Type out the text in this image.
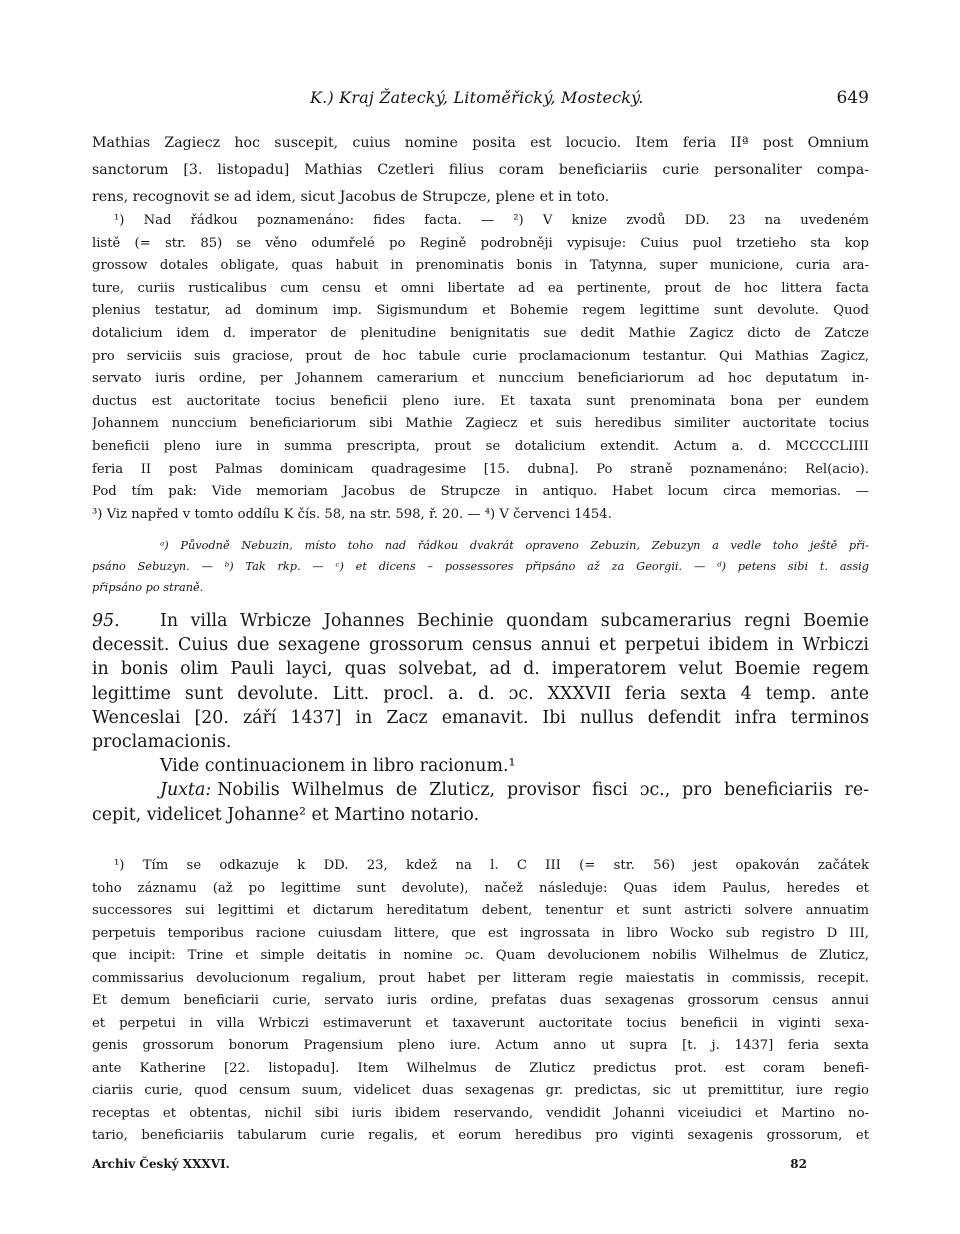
K.) Kraj Žatecký, Litoměřický, Mostecký.	649
Mathias Zagiecz hoc suscepit, cuius nomine posita est locucio. Item feria IIª post Omnium
sanctorum [3. listopadu] Mathias Czetleri filius coram beneficiariis curie personaliter compa-
rens, recognovit se ad idem, sicut Jacobus de Strupcze, plene et in toto.
¹) Nad řádkou poznamenáno: fides facta. — ²) V knize zvodů DD. 23 na uvedeném
listě (= str. 85) se věno odumřelé po Regině podrobněji vypisuje: Cuius puol trzetieho sta kop
grossow dotales obligate, quas habuit in prenominatis bonis in Tatynna, super municione, curia ara-
ture, curiis rusticalibus cum censu et omni libertate ad ea pertinente, prout de hoc littera facta
plenius testatur, ad dominum imp. Sigismundum et Bohemie regem legittime sunt devolute. Quod
dotalicium idem d. imperator de plenitudine benignitatis sue dedit Mathie Zagicz dicto de Zatcze
pro serviciis suis graciose, prout de hoc tabule curie proclamacionum testantur. Qui Mathias Zagicz,
servato iuris ordine, per Johannem camerarium et nunccium beneficiariorum ad hoc deputatum in-
ductus est auctoritate tocius beneficii pleno iure. Et taxata sunt prenominata bona per eundem
Johannem nunccium beneficiariorum sibi Mathie Zagiecz et suis heredibus similiter auctoritate tocius
beneficii pleno iure in summa prescripta, prout se dotalicium extendit. Actum a. d. MCCCCLIIII
feria II post Palmas dominicam quadragesime [15. dubna]. Po straně poznamenáno: Rel(acio).
Pod tím pak: Vide memoriam Jacobus de Strupcze in antiquo. Habet locum circa memorias. —
³) Viz napřed v tomto oddílu K čís. 58, na str. 598, ř. 20. — ⁴) V červenci 1454.
ᵃ) Původně Nebuzin, místo toho nad řádkou dvakrát opraveno Zebuzin, Zebuzyn a vedle toho ještě při-
psáno Sebuzyn. — ᵇ) Tak rkp. — ᶜ) et dicens – possessores připsáno až za Georgii. — ᵈ) petens sibi t. assig
připsáno po straně.
95.	In villa Wrbicze Johannes Bechinie quondam subcamerarius regni Boemie
decessit. Cuius due sexagene grossorum census annui et perpetui ibidem in Wrbiczi
in bonis olim Pauli layci, quas solvebat, ad d. imperatorem velut Boemie regem
legittime sunt devolute. Litt. procl. a. d. ɔc. XXXVII feria sexta 4 temp. ante
Wenceslai [20. září 1437] in Zacz emanavit. Ibi nullus defendit infra terminos
proclamacionis.
Vide continuacionem in libro racionum.¹
Juxta: Nobilis Wilhelmus de Zluticz, provisor fisci ɔc., pro beneficiariis re-
cepit, videlicet Johanne² et Martino notario.
¹) Tím se odkazuje k DD. 23, kdež na l. C III (= str. 56) jest opakován začátek
toho záznamu (až po legittime sunt devolute), načež následuje: Quas idem Paulus, heredes et
successores sui legittimi et dictarum hereditatum debent, tenentur et sunt astricti solvere annuatim
perpetuis temporibus racione cuiusdam littere, que est ingrossata in libro Wocko sub registro D III,
que incipit: Trine et simple deitatis in nomine ɔc. Quam devolucionem nobilis Wilhelmus de Zluticz,
commissarius devolucionum regalium, prout habet per litteram regie maiestatis in commissis, recepit.
Et demum beneficiarii curie, servato iuris ordine, prefatas duas sexagenas grossorum census annui
et perpetui in villa Wrbiczi estimaverunt et taxaverunt auctoritate tocius beneficii in viginti sexa-
genis grossorum bonorum Pragensium pleno iure. Actum anno ut supra [t. j. 1437] feria sexta
ante Katherine [22. listopadu]. Item Wilhelmus de Zluticz predictus prot. est coram benefi-
ciariis curie, quod censum suum, videlicet duas sexagenas gr. predictas, sic ut premittitur, iure regio
receptas et obtentas, nichil sibi iuris ibidem reservando, vendidit Johanni viceiudici et Martino no-
tario, beneficiariis tabularum curie regalis, et eorum heredibus pro viginti sexagenis grossorum, et
Archiv Český XXXVI.	82
